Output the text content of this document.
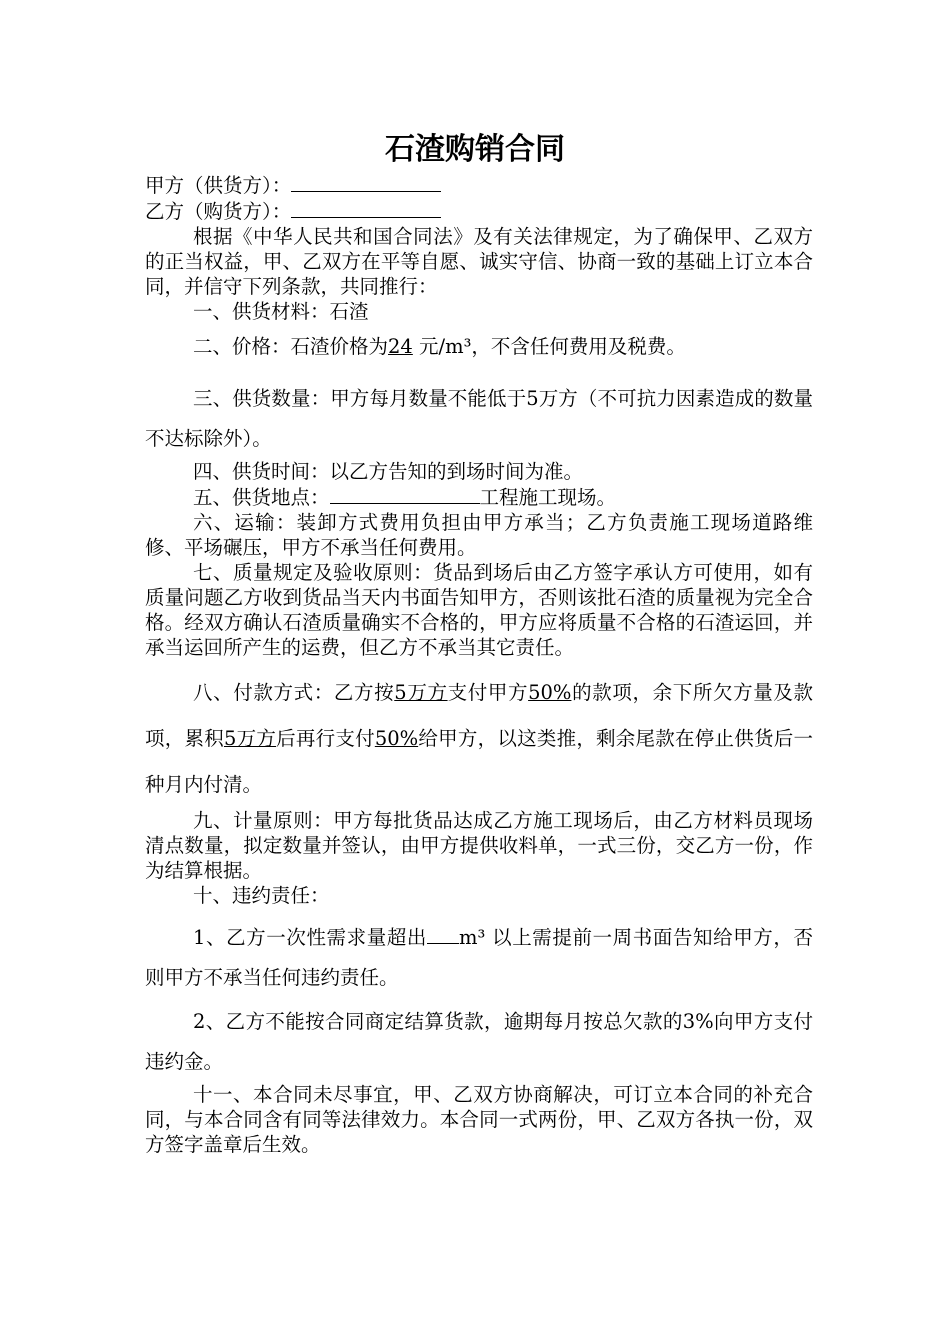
石渣购销合同

甲方（供货方）：

乙方（购货方）：

根据《中华人民共和国合同法》及有关法律规定，为了确保甲、乙双方的正当权益，甲、乙双方在平等自愿、诚实守信、协商一致的基础上订立本合同，并信守下列条款，共同推行：

一、供货材料：石渣

二、价格：石渣价格为24 元/m³，不含任何费用及税费。

三、供货数量：甲方每月数量不能低于5万方（不可抗力因素造成的数量不达标除外）。

四、供货时间：以乙方告知的到场时间为准。

五、供货地点：	工程施工现场。

六、运输：装卸方式费用负担由甲方承当；乙方负责施工现场道路维修、平场碾压，甲方不承当任何费用。

七、质量规定及验收原则：货品到场后由乙方签字承认方可使用，如有质量问题乙方收到货品当天内书面告知甲方，否则该批石渣的质量视为完全合格。经双方确认石渣质量确实不合格的，甲方应将质量不合格的石渣运回，并承当运回所产生的运费，但乙方不承当其它责任。

八、付款方式：乙方按5万方支付甲方50%的款项，余下所欠方量及款项，累积5万方后再行支付50%给甲方，以这类推，剩余尾款在停止供货后一种月内付清。

九、计量原则：甲方每批货品达成乙方施工现场后，由乙方材料员现场清点数量，拟定数量并签认，由甲方提供收料单，一式三份，交乙方一份，作为结算根据。

十、违约责任：

1、乙方一次性需求量超出 m³ 以上需提前一周书面告知给甲方，否则甲方不承当任何违约责任。

2、乙方不能按合同商定结算货款，逾期每月按总欠款的3%向甲方支付违约金。

十一、本合同未尽事宜，甲、乙双方协商解决，可订立本合同的补充合同，与本合同含有同等法律效力。本合同一式两份，甲、乙双方各执一份，双方签字盖章后生效。
